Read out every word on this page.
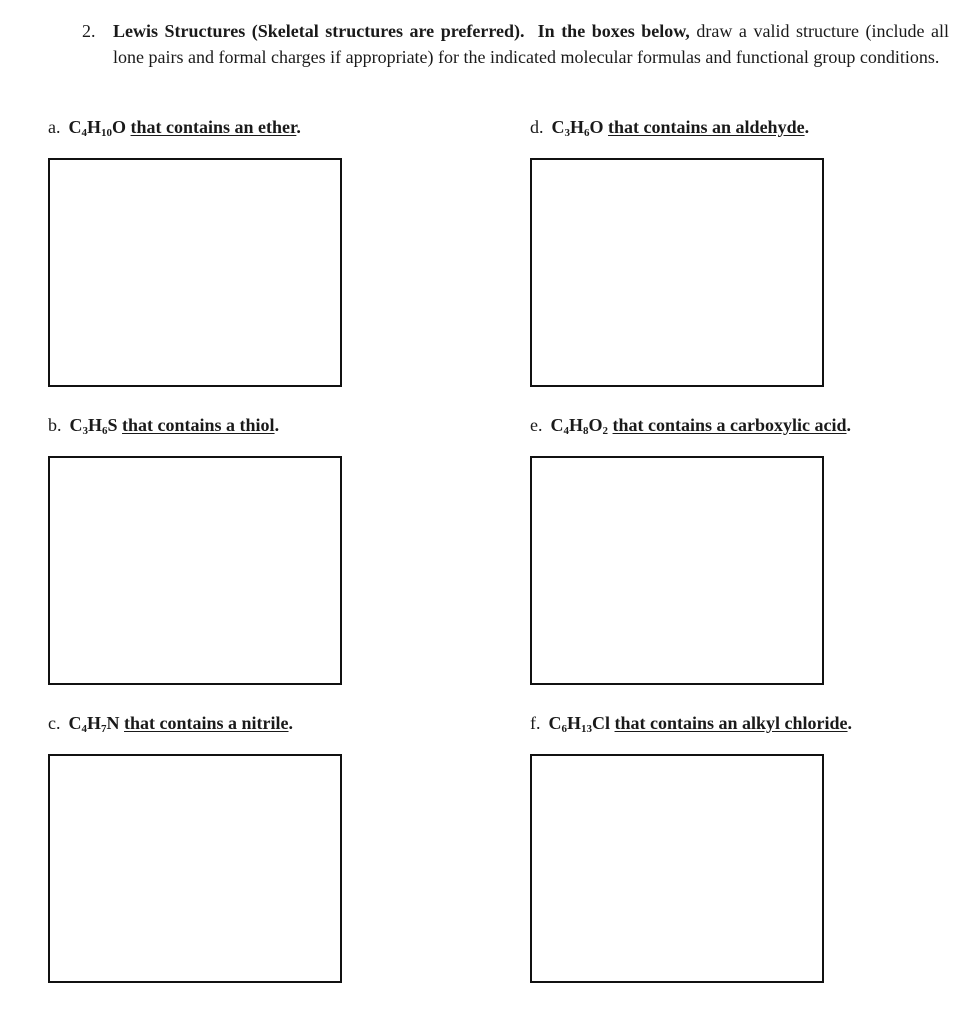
2. Lewis Structures (Skeletal structures are preferred). In the boxes below, draw a valid structure (include all lone pairs and formal charges if appropriate) for the indicated molecular formulas and functional group conditions.
a. $C_4H_{10}O$ that contains an ether.	d. $C_3H_6O$ that contains an aldehyde.
b. $C_3H_6S$ that contains a thiol.	e. $C_4H_8O_2$ that contains a carboxylic acid.
c. $C_4H_7N$ that contains a nitrile.	f. $C_6H_{13}Cl$ that contains an alkyl chloride.
